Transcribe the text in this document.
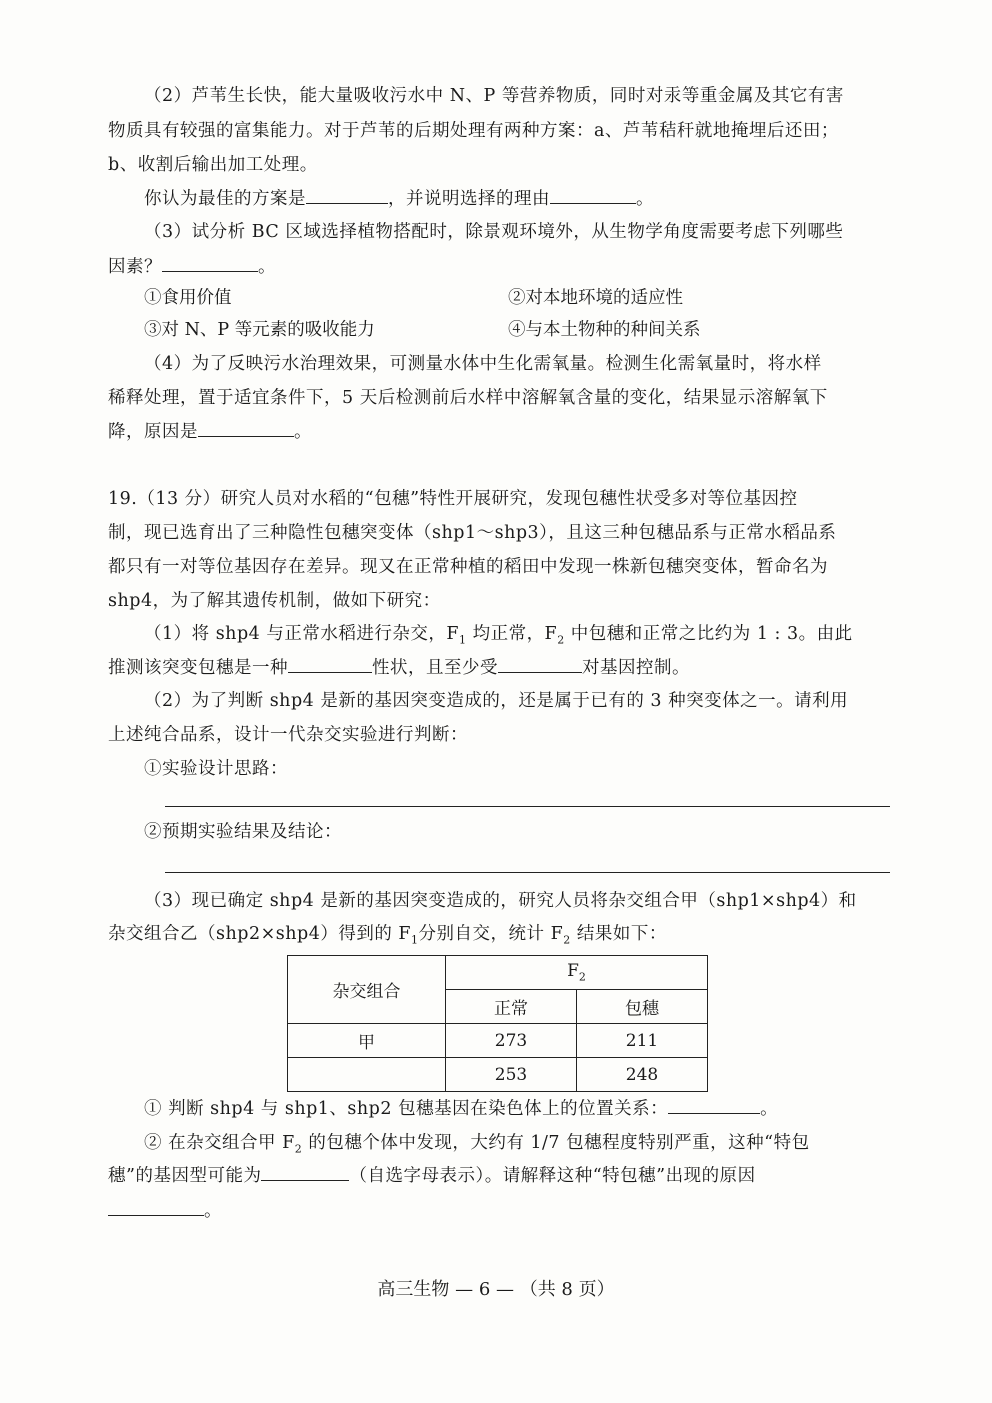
（2）芦苇生长快，能大量吸收污水中 N、P 等营养物质，同时对汞等重金属及其它有害
物质具有较强的富集能力。对于芦苇的后期处理有两种方案：a、芦苇秸秆就地掩埋后还田；
b、收割后输出加工处理。
你认为最佳的方案是	，并说明选择的理由	。
（3）试分析 BC 区域选择植物搭配时，除景观环境外，从生物学角度需要考虑下列哪些
因素？	。
①食用价值	②对本地环境的适应性
③对 N、P 等元素的吸收能力	④与本土物种的种间关系
（4）为了反映污水治理效果，可测量水体中生化需氧量。检测生化需氧量时，将水样
稀释处理，置于适宜条件下，5 天后检测前后水样中溶解氧含量的变化，结果显示溶解氧下
降，原因是	。
19.（13 分）研究人员对水稻的“包穗”特性开展研究，发现包穗性状受多对等位基因控
制，现已选育出了三种隐性包穗突变体（shp1～shp3），且这三种包穗品系与正常水稻品系
都只有一对等位基因存在差异。现又在正常种植的稻田中发现一株新包穗突变体，暂命名为
shp4，为了解其遗传机制，做如下研究：
（1）将 shp4 与正常水稻进行杂交，$F_1$ 均正常，$F_2$ 中包穗和正常之比约为 1 : 3。由此
推测该突变包穗是一种	性状，且至少受	对基因控制。
（2）为了判断 shp4 是新的基因突变造成的，还是属于已有的 3 种突变体之一。请利用
上述纯合品系，设计一代杂交实验进行判断：
①实验设计思路：
②预期实验结果及结论：
（3）现已确定 shp4 是新的基因突变造成的，研究人员将杂交组合甲（shp1×shp4）和
杂交组合乙（shp2×shp4）得到的 $F_1$分别自交，统计 $F_2$ 结果如下：
杂交组合	$F_2$
	正常	包穗
甲	273	211
	253	248
① 判断 shp4 与 shp1、shp2 包穗基因在染色体上的位置关系：	。
② 在杂交组合甲 $F_2$ 的包穗个体中发现，大约有 1/7 包穗程度特别严重，这种“特包
穗”的基因型可能为	（自选字母表示）。请解释这种“特包穗”出现的原因
。
高三生物 — 6 — （共 8 页）
